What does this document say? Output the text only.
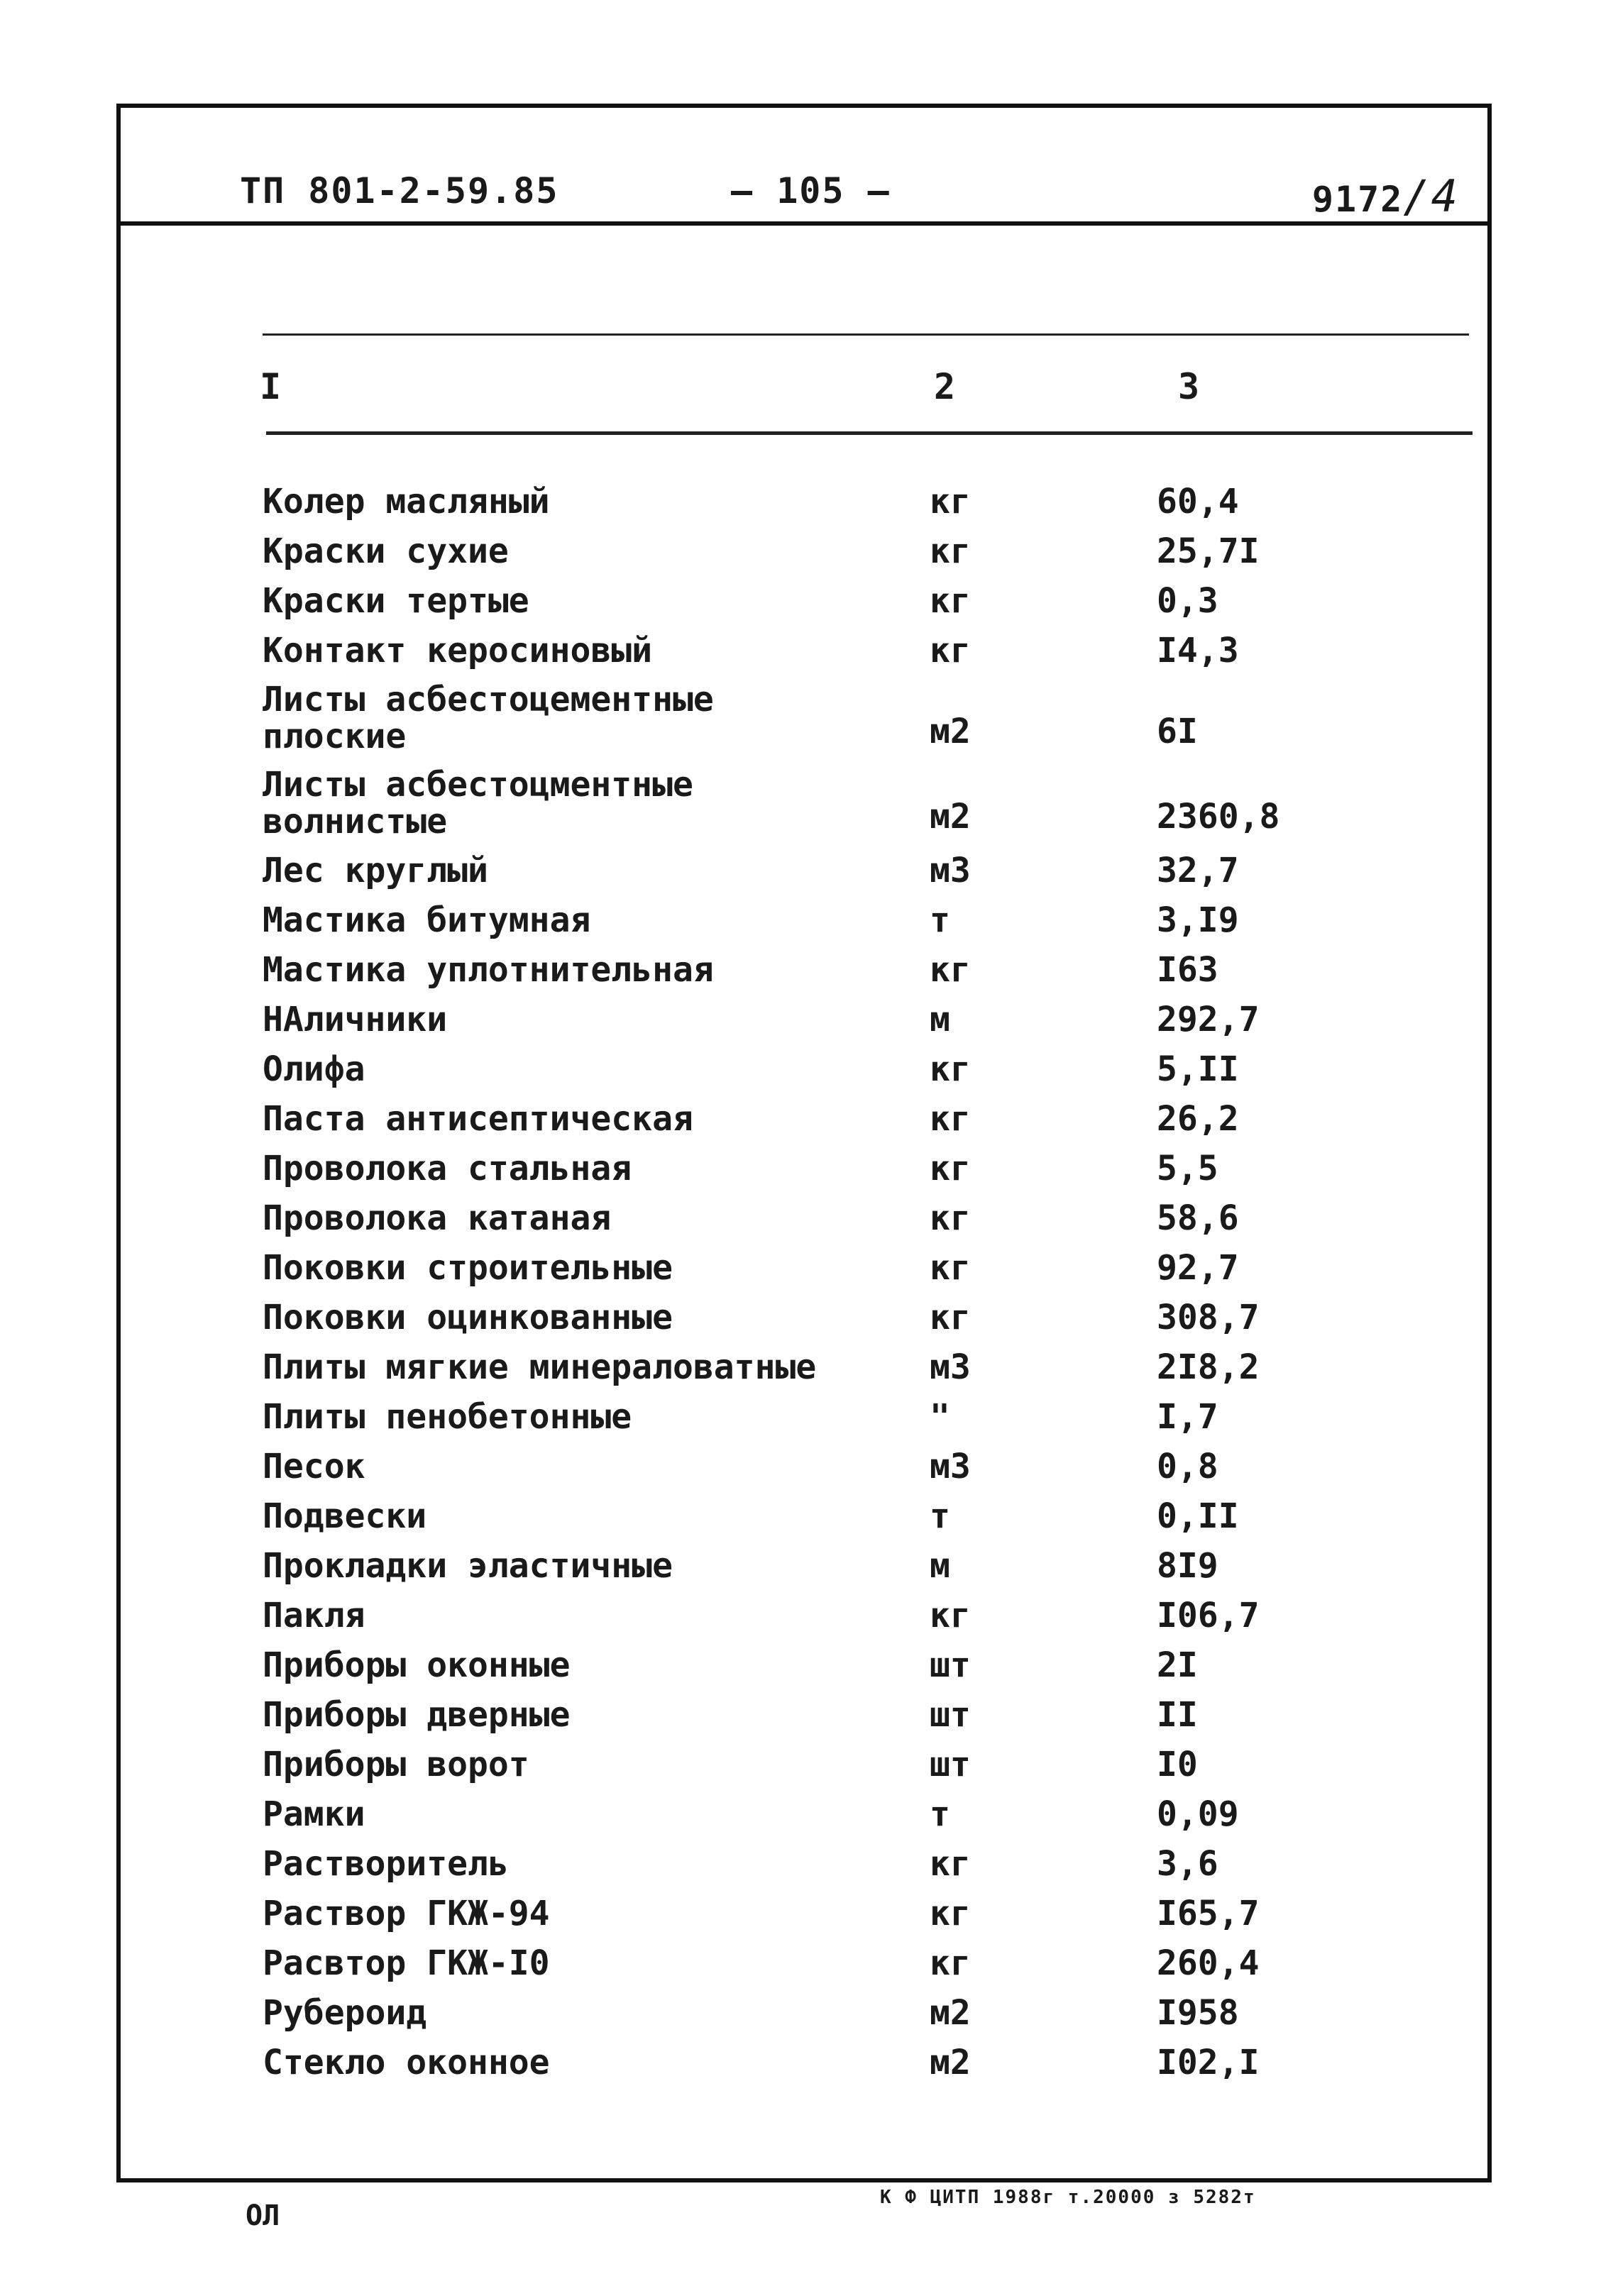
ТП 801-2-59.85	– 105 –	9172/4
I	2	3
Колер масляный	кг	60,4
Краски сухие	кг	25,7I
Краски тертые	кг	0,3
Контакт керосиновый	кг	I4,3
Листы асбестоцементные
плоские	м2	6I
Листы асбестоцментные
волнистые	м2	2360,8
Лес круглый	м3	32,7
Мастика битумная	т	3,I9
Мастика уплотнительная	кг	I63
НАличники	м	292,7
Олифа	кг	5,II
Паста антисептическая	кг	26,2
Проволока стальная	кг	5,5
Проволока катаная	кг	58,6
Поковки строительные	кг	92,7
Поковки оцинкованные	кг	308,7
Плиты мягкие минераловатные	м3	2I8,2
Плиты пенобетонные	"	I,7
Песок	м3	0,8
Подвески	т	0,II
Прокладки эластичные	м	8I9
Пакля	кг	I06,7
Приборы оконные	шт	2I
Приборы дверные	шт	II
Приборы ворот	шт	I0
Рамки	т	0,09
Растворитель	кг	3,6
Раствор ГКЖ-94	кг	I65,7
Расвтор ГКЖ-I0	кг	260,4
Рубероид	м2	I958
Стекло оконное	м2	I02,I
ОЛ
К Ф ЦИТП 1988г т.20000 з 5282т
